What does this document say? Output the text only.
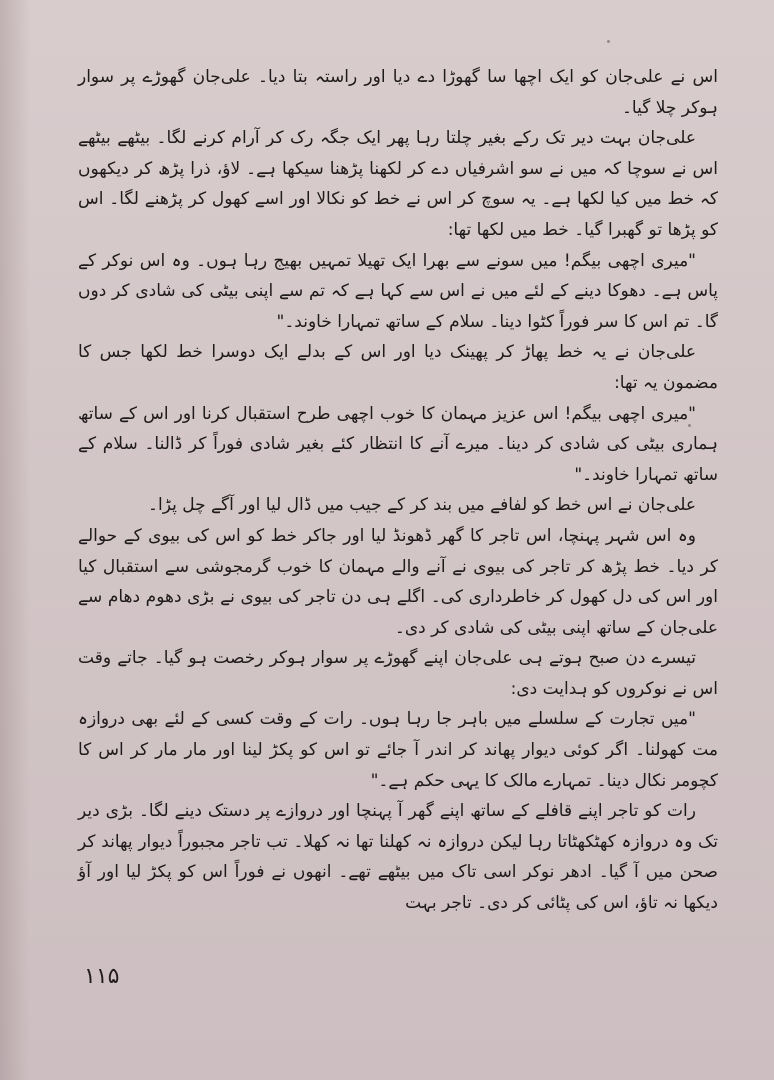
اس نے علی‌جان کو ایک اچھا سا گھوڑا دے دیا اور راستہ بتا دیا۔ علی‌جان گھوڑے پر سوار ہوکر چلا گیا۔

علی‌جان بہت دیر تک رکے بغیر چلتا رہا پھر ایک جگہ رک کر آرام کرنے لگا۔ بیٹھے بیٹھے اس نے سوچا کہ میں نے سو اشرفیاں دے کر لکھنا پڑھنا سیکھا ہے۔ لاؤ، ذرا پڑھ کر دیکھوں کہ خط میں کیا لکھا ہے۔ یہ سوچ کر اس نے خط کو نکالا اور اسے کھول کر پڑھنے لگا۔ اس کو پڑھا تو گھبرا گیا۔ خط میں لکھا تھا:

"میری اچھی بیگم! میں سونے سے بھرا ایک تھیلا تمہیں بھیج رہا ہوں۔ وہ اس نوکر کے پاس ہے۔ دھوکا دینے کے لئے میں نے اس سے کہا ہے کہ تم سے اپنی بیٹی کی شادی کر دوں گا۔ تم اس کا سر فوراً کٹوا دینا۔ سلام کے ساتھ تمہارا خاوند۔"

علی‌جان نے یہ خط پھاڑ کر پھینک دیا اور اس کے بدلے ایک دوسرا خط لکھا جس کا مضمون یہ تھا:

"میری اچھی بیگم! اس عزیز مہمان کا خوب اچھی طرح استقبال کرنا اور اس کے ساتھ ہماری بیٹی کی شادی کر دینا۔ میرے آنے کا انتظار کئے بغیر شادی فوراً کر ڈالنا۔ سلام کے ساتھ تمہارا خاوند۔"

علی‌جان نے اس خط کو لفافے میں بند کر کے جیب میں ڈال لیا اور آگے چل پڑا۔

وہ اس شہر پہنچا، اس تاجر کا گھر ڈھونڈ لیا اور جاکر خط کو اس کی بیوی کے حوالے کر دیا۔ خط پڑھ کر تاجر کی بیوی نے آنے والے مہمان کا خوب گرمجوشی سے استقبال کیا اور اس کی دل کھول کر خاطرداری کی۔ اگلے ہی دن تاجر کی بیوی نے بڑی دھوم دھام سے علی‌جان کے ساتھ اپنی بیٹی کی شادی کر دی۔

تیسرے دن صبح ہوتے ہی علی‌جان اپنے گھوڑے پر سوار ہوکر رخصت ہو گیا۔ جاتے وقت اس نے نوکروں کو ہدایت دی:

"میں تجارت کے سلسلے میں باہر جا رہا ہوں۔ رات کے وقت کسی کے لئے بھی دروازہ مت کھولنا۔ اگر کوئی دیوار پھاند کر اندر آ جائے تو اس کو پکڑ لینا اور مار مار کر اس کا کچومر نکال دینا۔ تمہارے مالک کا یہی حکم ہے۔"

رات کو تاجر اپنے قافلے کے ساتھ اپنے گھر آ پہنچا اور دروازے پر دستک دینے لگا۔ بڑی دیر تک وہ دروازہ کھٹکھٹاتا رہا لیکن دروازہ نہ کھلنا تھا نہ کھلا۔ تب تاجر مجبوراً دیوار پھاند کر صحن میں آ گیا۔ ادھر نوکر اسی تاک میں بیٹھے تھے۔ انھوں نے فوراً اس کو پکڑ لیا اور آؤ دیکھا نہ تاؤ، اس کی پٹائی کر دی۔ تاجر بہت

۱۱۵
